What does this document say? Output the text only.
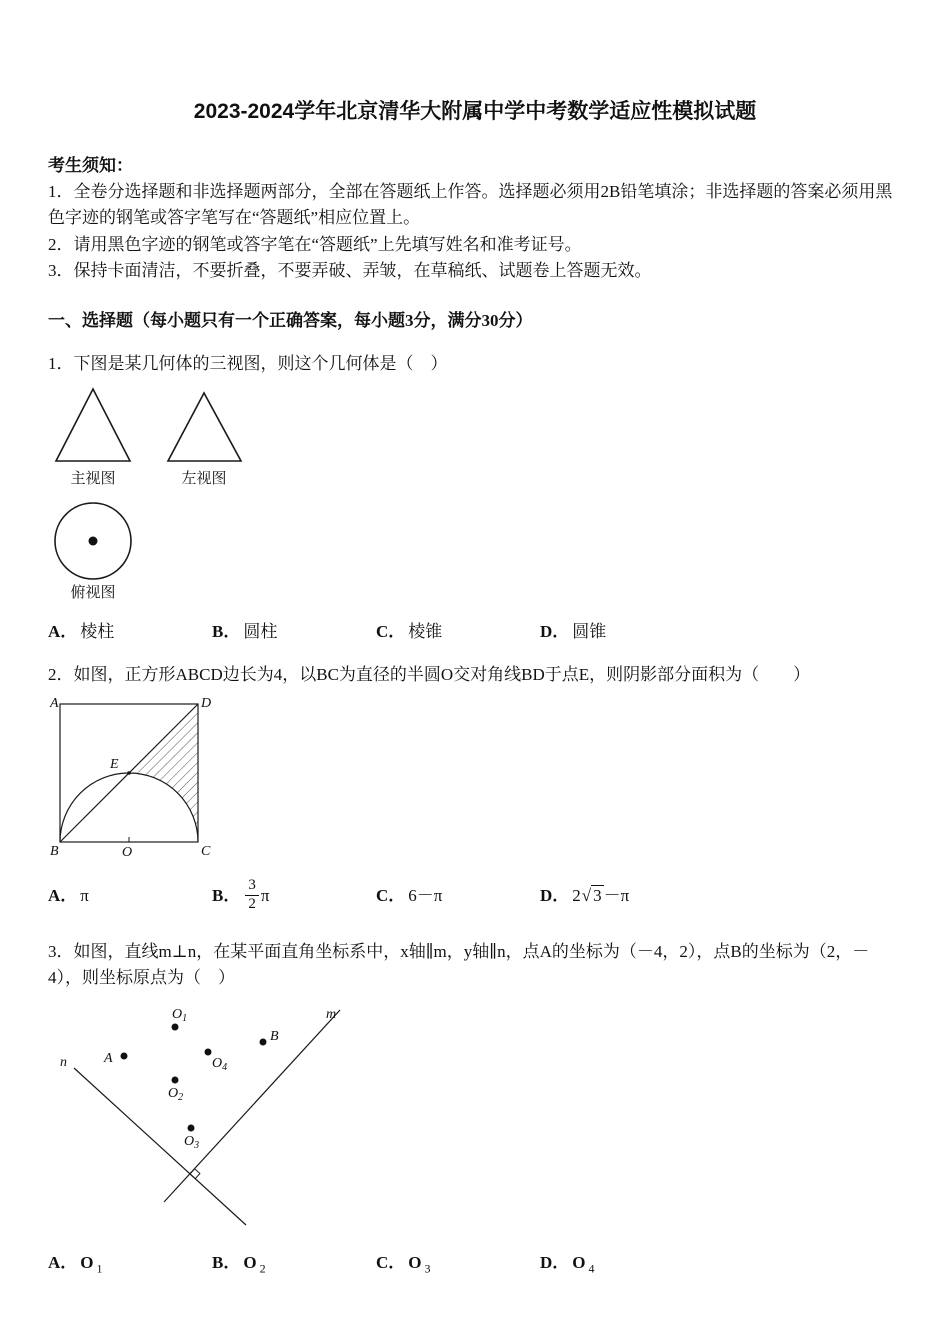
2023-2024学年北京清华大附属中学中考数学适应性模拟试题

考生须知：

1．全卷分选择题和非选择题两部分，全部在答题纸上作答。选择题必须用2B铅笔填涂；非选择题的答案必须用黑色字迹的钢笔或答字笔写在“答题纸”相应位置上。

2．请用黑色字迹的钢笔或答字笔在“答题纸”上先填写姓名和准考证号。

3．保持卡面清洁，不要折叠，不要弄破、弄皱，在草稿纸、试题卷上答题无效。

一、选择题（每小题只有一个正确答案，每小题3分，满分30分）

1．下图是某几何体的三视图，则这个几何体是（　）

主视图	左视图
俯视图
A． 棱柱	B． 圆柱	C． 棱锥	D． 圆锥

2．如图，正方形ABCD边长为4，以BC为直径的半圆O交对角线BD于点E，则阴影部分面积为（　　）

A	D
B	C
O
E
A． π	B． $\frac{3}{2}$ π	C． 6－π	D． 2√ 3 －π

3．如图，直线m⊥n，在某平面直角坐标系中，x轴∥m，y轴∥n，点A的坐标为（－4，2），点B的坐标为（2，－4），则坐标原点为（　）

$O_1$
$O_2$
$O_3$
$O_4$
A
B
m
n
A． O $_1$	B． O $_2$	C． O $_3$	D． O $_4$
